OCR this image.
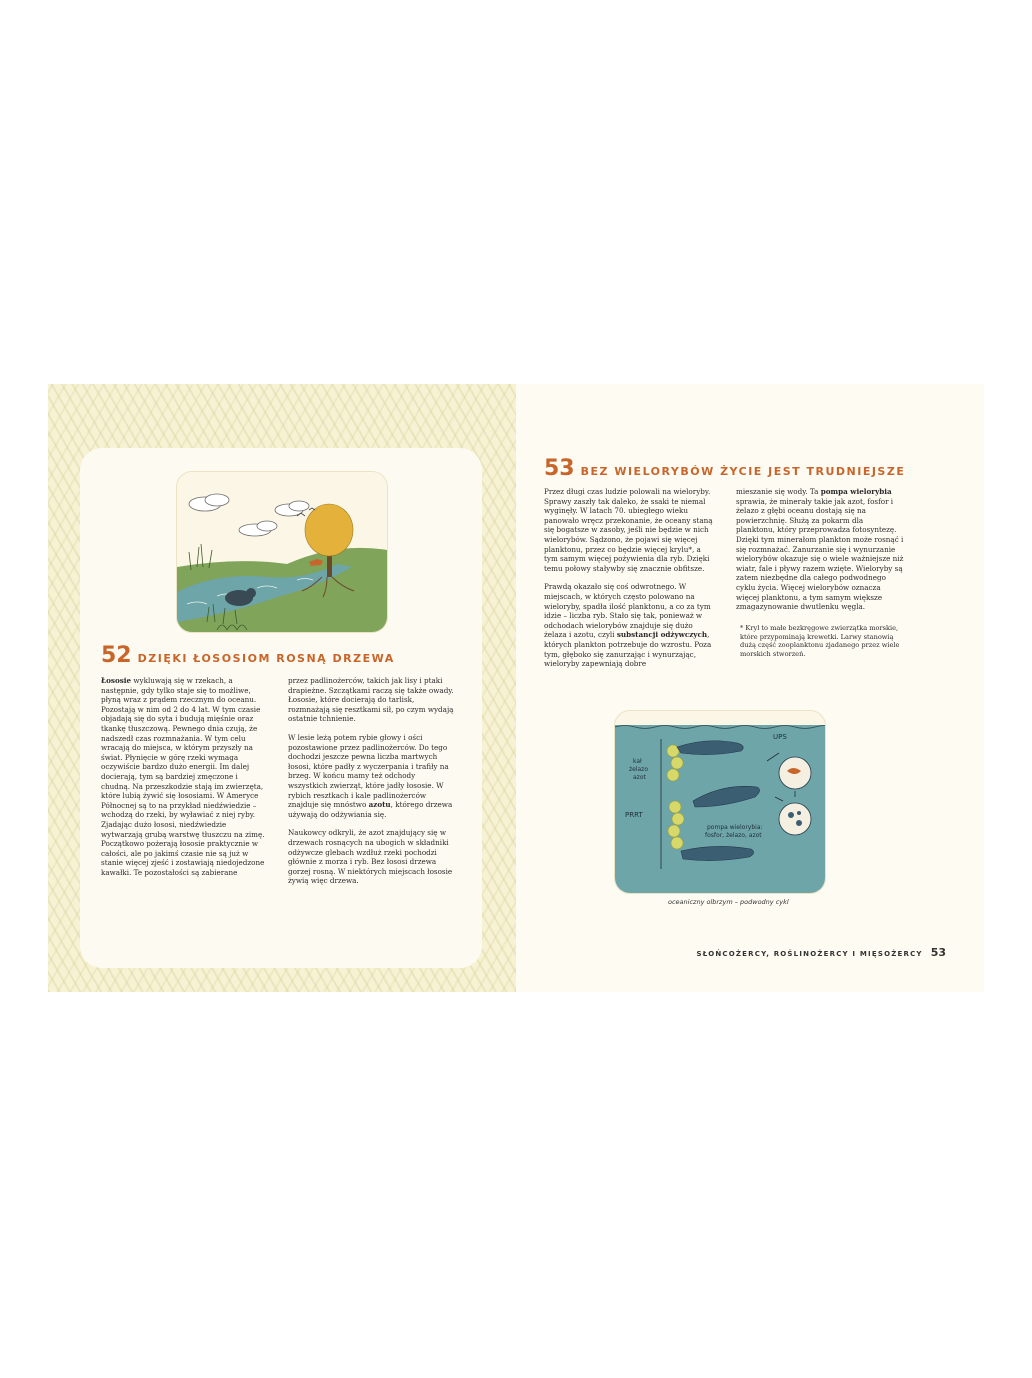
52 DZIĘKI ŁOSOSIOM ROSNĄ DRZEWA

Łososie wykluwają się w rzekach, a następnie, gdy tylko staje się to możliwe, płyną wraz z prądem rzecznym do oceanu. Pozostają w nim od 2 do 4 lat. W tym czasie objadają się do syta i budują mięśnie oraz tkankę tłuszczową. Pewnego dnia czują, że nadszedł czas rozmnażania. W tym celu wracają do miejsca, w którym przyszły na świat. Płynięcie w górę rzeki wymaga oczywiście bardzo dużo energii. Im dalej docierają, tym są bardziej zmęczone i chudną. Na przeszkodzie stają im zwierzęta, które lubią żywić się łososiami. W Ameryce Północnej są to na przykład niedźwiedzie – wchodzą do rzeki, by wyławiać z niej ryby. Zjadając dużo łososi, niedźwiedzie wytwarzają grubą warstwę tłuszczu na zimę. Początkowo pożerają łososie praktycznie w całości, ale po jakimś czasie nie są już w stanie więcej zjeść i zostawiają niedojedzone kawałki. Te pozostałości są zabierane

przez padlinożerców, takich jak lisy i ptaki drapieżne. Szczątkami raczą się także owady. Łososie, które docierają do tarlisk, rozmnażają się resztkami sił, po czym wydają ostatnie tchnienie.

W lesie leżą potem rybie głowy i ości pozostawione przez padlinożerców. Do tego dochodzi jeszcze pewna liczba martwych łososi, które padły z wyczerpania i trafiły na brzeg. W końcu mamy też odchody wszystkich zwierząt, które jadły łososie. W rybich resztkach i kale padlinożerców znajduje się mnóstwo azotu, którego drzewa używają do odżywiania się.

Naukowcy odkryli, że azot znajdujący się w drzewach rosnących na ubogich w składniki odżywcze glebach wzdłuż rzeki pochodzi głównie z morza i ryb. Bez łososi drzewa gorzej rosną. W niektórych miejscach łososie żywią więc drzewa.

53 BEZ WIELORYBÓW ŻYCIE JEST TRUDNIEJSZE

Przez długi czas ludzie polowali na wieloryby. Sprawy zaszły tak daleko, że ssaki te niemal wyginęły. W latach 70. ubiegłego wieku panowało wręcz przekonanie, że oceany staną się bogatsze w zasoby, jeśli nie będzie w nich wielorybów. Sądzono, że pojawi się więcej planktonu, przez co będzie więcej krylu*, a tym samym więcej pożywienia dla ryb. Dzięki temu połowy staływby się znacznie obfitsze.

Prawdą okazało się coś odwrotnego. W miejscach, w których często polowano na wieloryby, spadła ilość planktonu, a co za tym idzie – liczba ryb. Stało się tak, ponieważ w odchodach wielorybów znajduje się dużo żelaza i azotu, czyli substancji odżywczych, których plankton potrzebuje do wzrostu. Poza tym, głęboko się zanurzając i wynurzając, wieloryby zapewniają dobre

mieszanie się wody. Ta pompa wielorybia sprawia, że minerały takie jak azot, fosfor i żelazo z głębi oceanu dostają się na powierzchnię. Służą za pokarm dla planktonu, który przeprowadza fotosyntezę. Dzięki tym minerałom plankton może rosnąć i się rozmnażać. Zanurzanie się i wynurzanie wielorybów okazuje się o wiele ważniejsze niż wiatr, fale i pływy razem wzięte. Wieloryby są zatem niezbędne dla całego podwodnego cyklu życia. Więcej wielorybów oznacza więcej planktonu, a tym samym większe zmagazynowanie dwutlenku węgla.

* Kryl to małe bezkręgowe zwierzątka morskie, które przypominają krewetki. Larwy stanowią dużą część zooplanktonu zjadanego przez wiele morskich stworzeń.
UPS
kał
żelazo
azot
PRRT
pompa wielorybia:
fosfor, żelazo, azot
oceaniczny olbrzym – podwodny cykl
SŁOŃCOŻERCY, ROŚLINOŻERCY I MIĘSOŻERCY 53
